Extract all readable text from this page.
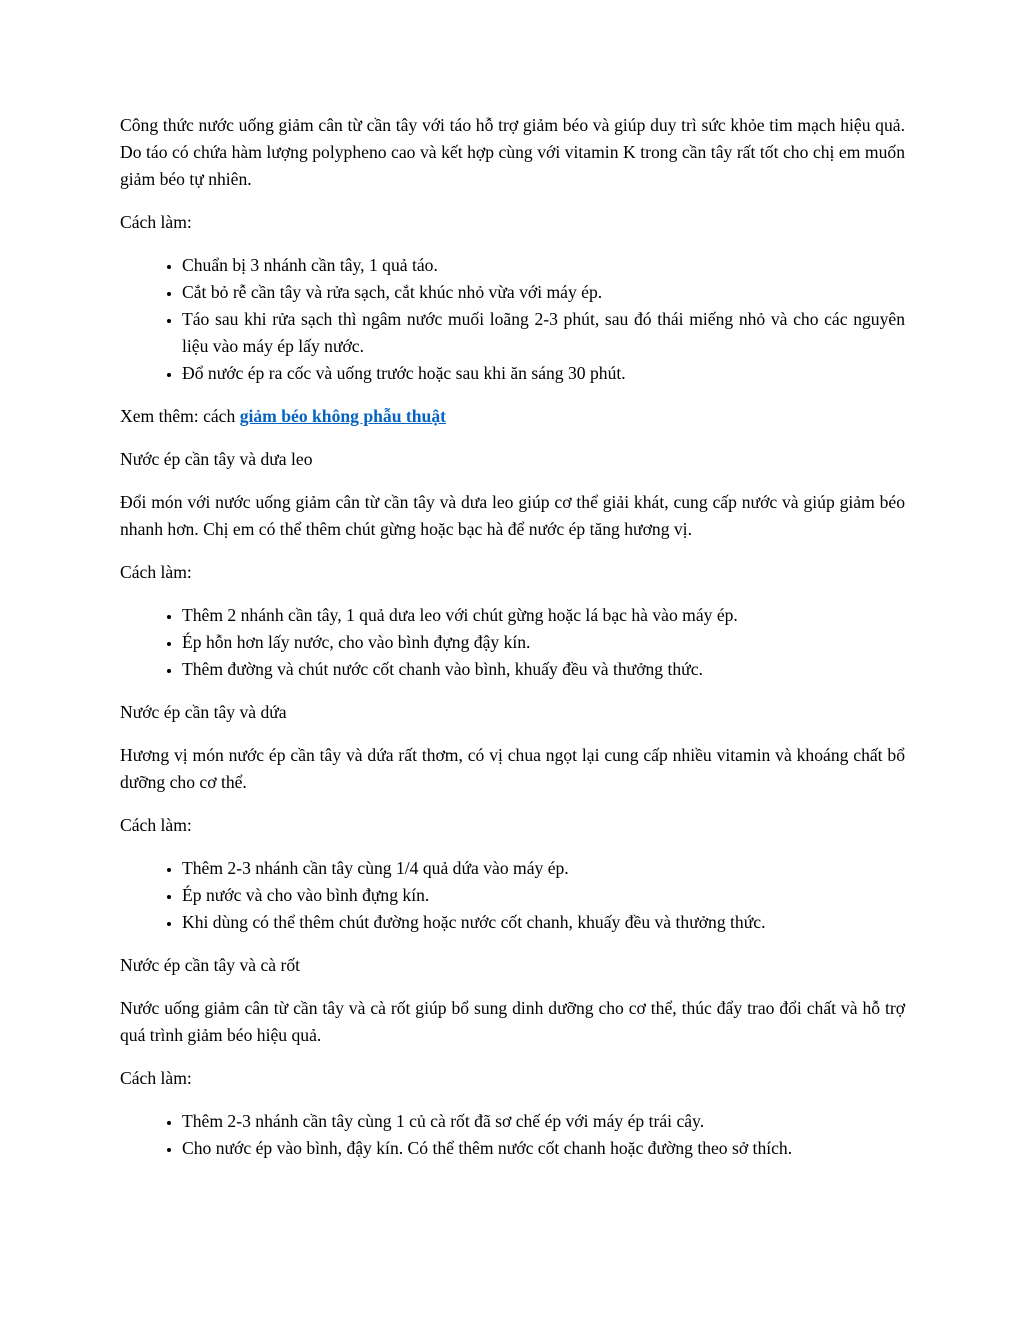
Công thức nước uống giảm cân từ cần tây với táo hỗ trợ giảm béo và giúp duy trì sức khỏe tim mạch hiệu quả. Do táo có chứa hàm lượng polypheno cao và kết hợp cùng với vitamin K trong cần tây rất tốt cho chị em muốn giảm béo tự nhiên.

Cách làm:

• Chuẩn bị 3 nhánh cần tây, 1 quả táo.
• Cắt bỏ rễ cần tây và rửa sạch, cắt khúc nhỏ vừa với máy ép.
• Táo sau khi rửa sạch thì ngâm nước muối loãng 2-3 phút, sau đó thái miếng nhỏ và cho các nguyên liệu vào máy ép lấy nước.
• Đổ nước ép ra cốc và uống trước hoặc sau khi ăn sáng 30 phút.

Xem thêm: cách giảm béo không phẫu thuật

Nước ép cần tây và dưa leo

Đổi món với nước uống giảm cân từ cần tây và dưa leo giúp cơ thể giải khát, cung cấp nước và giúp giảm béo nhanh hơn. Chị em có thể thêm chút gừng hoặc bạc hà để nước ép tăng hương vị.

Cách làm:

• Thêm 2 nhánh cần tây, 1 quả dưa leo với chút gừng hoặc lá bạc hà vào máy ép.
• Ép hỗn hơn lấy nước, cho vào bình đựng đậy kín.
• Thêm đường và chút nước cốt chanh vào bình, khuấy đều và thưởng thức.

Nước ép cần tây và dứa

Hương vị món nước ép cần tây và dứa rất thơm, có vị chua ngọt lại cung cấp nhiều vitamin và khoáng chất bổ dưỡng cho cơ thể.

Cách làm:

• Thêm 2-3 nhánh cần tây cùng 1/4 quả dứa vào máy ép.
• Ép nước và cho vào bình đựng kín.
• Khi dùng có thể thêm chút đường hoặc nước cốt chanh, khuấy đều và thưởng thức.

Nước ép cần tây và cà rốt

Nước uống giảm cân từ cần tây và cà rốt giúp bổ sung dinh dưỡng cho cơ thể, thúc đẩy trao đổi chất và hỗ trợ quá trình giảm béo hiệu quả.

Cách làm:

• Thêm 2-3 nhánh cần tây cùng 1 củ cà rốt đã sơ chế ép với máy ép trái cây.
• Cho nước ép vào bình, đậy kín. Có thể thêm nước cốt chanh hoặc đường theo sở thích.
